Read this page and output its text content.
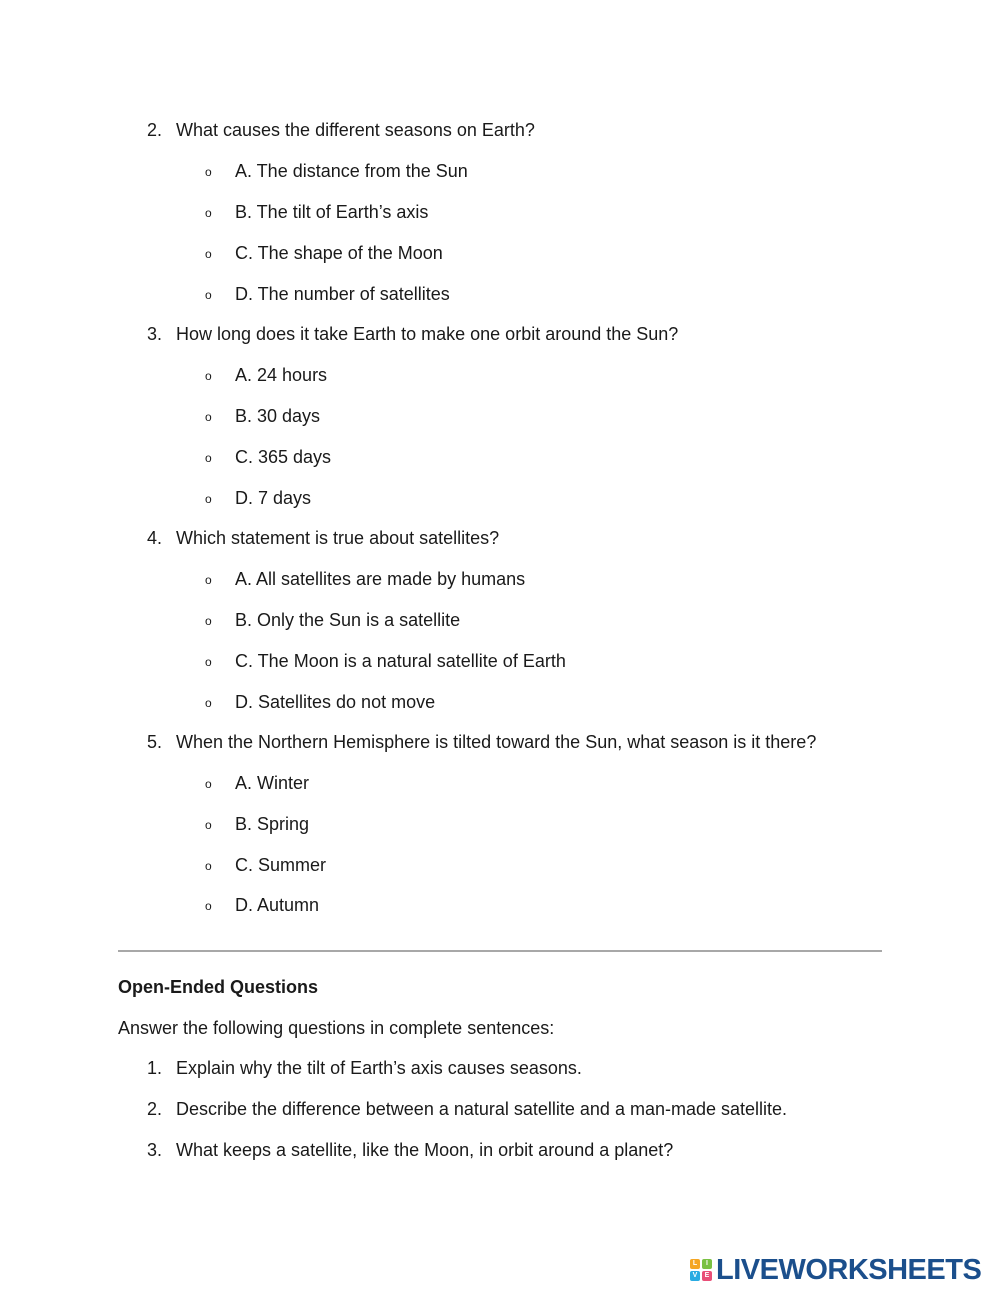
2. What causes the different seasons on Earth?
o A. The distance from the Sun
o B. The tilt of Earth’s axis
o C. The shape of the Moon
o D. The number of satellites
3. How long does it take Earth to make one orbit around the Sun?
o A. 24 hours
o B. 30 days
o C. 365 days
o D. 7 days
4. Which statement is true about satellites?
o A. All satellites are made by humans
o B. Only the Sun is a satellite
o C. The Moon is a natural satellite of Earth
o D. Satellites do not move
5. When the Northern Hemisphere is tilted toward the Sun, what season is it there?
o A. Winter
o B. Spring
o C. Summer
o D. Autumn
Open-Ended Questions
Answer the following questions in complete sentences:
1. Explain why the tilt of Earth’s axis causes seasons.
2. Describe the difference between a natural satellite and a man-made satellite.
3. What keeps a satellite, like the Moon, in orbit around a planet?
L	I
V	E LIVEWORKSHEETS
